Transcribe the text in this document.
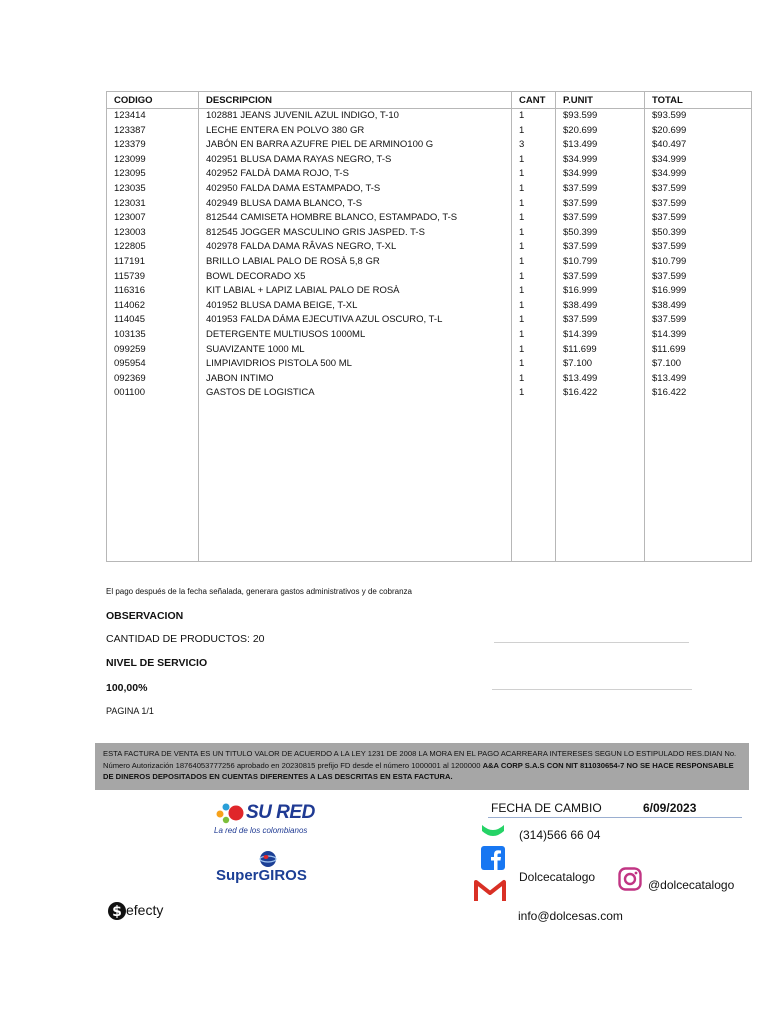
CODIGO	DESCRIPCION	CANT	P.UNIT	TOTAL
123414	102881 JEANS JUVENIL AZUL INDIGO, T-10	1	$93.599	$93.599
123387	LECHE ENTERA EN POLVO 380 GR	1	$20.699	$20.699
123379	JABÓN EN BARRA AZUFRE PIEL DE ARMINO100 G	3	$13.499	$40.497
123099	402951 BLUSA DAMA RAYAS NEGRO, T-S	1	$34.999	$34.999
123095	402952 FALDÀ DAMA ROJO, T-S	1	$34.999	$34.999
123035	402950 FALDA DAMA ESTAMPADO, T-S	1	$37.599	$37.599
123031	402949 BLUSA DAMA BLANCO, T-S	1	$37.599	$37.599
123007	812544 CAMISETA HOMBRE BLANCO, ESTAMPADO, T-S	1	$37.599	$37.599
123003	812545 JOGGER MASCULINO GRIS JASPED. T-S	1	$50.399	$50.399
122805	402978 FALDA DAMA RÂVAS NEGRO, T-XL	1	$37.599	$37.599
117191	BRILLO LABIAL PALO DE ROSÀ 5,8 GR	1	$10.799	$10.799
115739	BOWL DECORADO X5	1	$37.599	$37.599
116316	KIT LABIAL + LAPIZ LABIAL PALO DE ROSÀ	1	$16.999	$16.999
114062	401952 BLUSA DAMA BEIGE, T-XL	1	$38.499	$38.499
114045	401953 FALDA DÁMA EJECUTIVA AZUL OSCURO, T-L	1	$37.599	$37.599
103135	DETERGENTE MULTIUSOS 1000ML	1	$14.399	$14.399
099259	SUAVIZANTE 1000 ML	1	$11.699	$11.699
095954	LIMPIAVIDRIOS PISTOLA 500 ML	1	$7.100	$7.100
092369	JABON INTIMO	1	$13.499	$13.499
001100	GASTOS DE LOGISTICA	1	$16.422	$16.422

El pago después de la fecha señalada, generara gastos administrativos y de cobranza
OBSERVACION
CANTIDAD DE PRODUCTOS: 20
NIVEL DE SERVICIO
100,00%
PAGINA 1/1
ESTA FACTURA DE VENTA ES UN TITULO VALOR DE ACUERDO A LA LEY 1231 DE 2008 LA MORA EN EL PAGO ACARREARA INTERESES SEGUN LO ESTIPULADO RES.DIAN No. Número Autorización 18764053777256 aprobado en 20230815 prefijo FD desde el número 1000001 al 1200000 A&A CORP S.A.S CON NIT 811030654-7 NO SE HACE RESPONSABLE DE DINEROS DEPOSITADOS EN CUENTAS DIFERENTES A LAS DESCRITAS EN ESTA FACTURA.
SU RED
La red de los colombianos
SuperGIROS
$ efecty
FECHA DE CAMBIO	6/09/2023
(314)566 66 04
Dolcecatalogo
@dolcecatalogo
info@dolcesas.com
